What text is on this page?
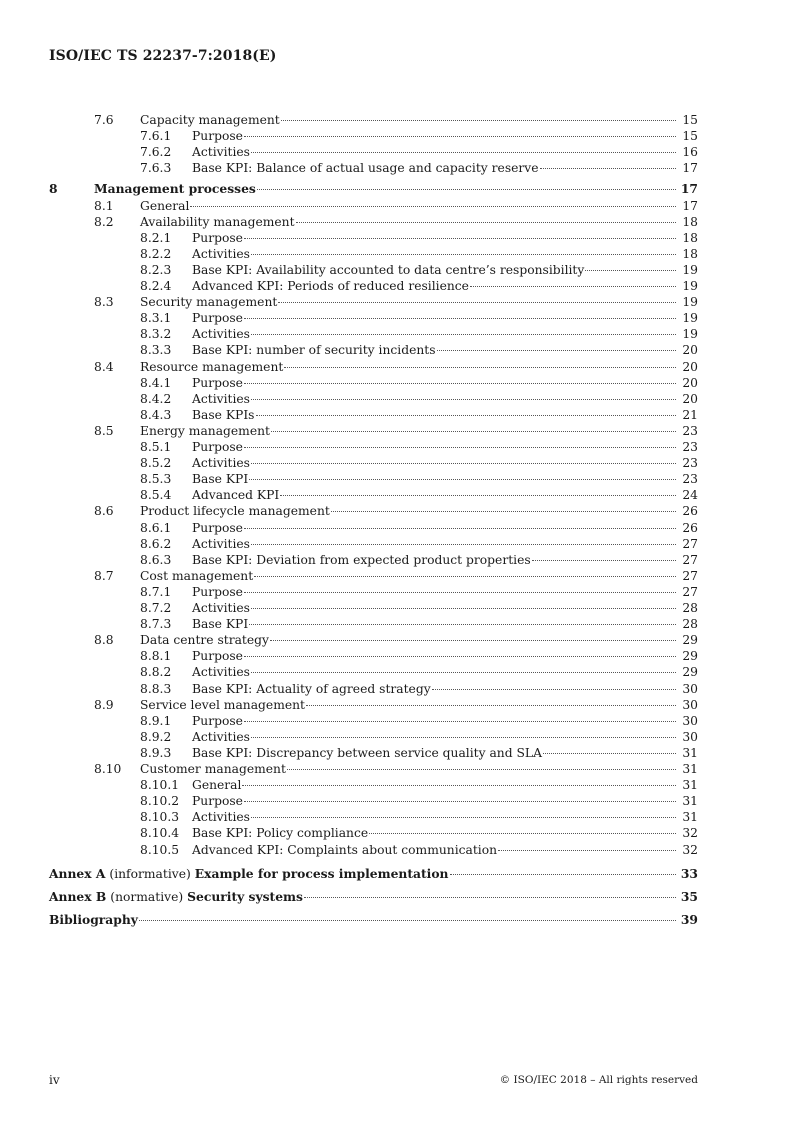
ISO/IEC TS 22237-7:2018(E)
7.6 Capacity management	15
7.6.1 Purpose	15
7.6.2 Activities	16
7.6.3 Base KPI: Balance of actual usage and capacity reserve	17
8	Management processes	17
8.1 General	17
8.2 Availability management	18
8.2.1 Purpose	18
8.2.2 Activities	18
8.2.3 Base KPI: Availability accounted to data centre’s responsibility	19
8.2.4 Advanced KPI: Periods of reduced resilience	19
8.3 Security management	19
8.3.1 Purpose	19
8.3.2 Activities	19
8.3.3 Base KPI: number of security incidents	20
8.4 Resource management	20
8.4.1 Purpose	20
8.4.2 Activities	20
8.4.3 Base KPIs	21
8.5 Energy management	23
8.5.1 Purpose	23
8.5.2 Activities	23
8.5.3 Base KPI	23
8.5.4 Advanced KPI	24
8.6 Product lifecycle management	26
8.6.1 Purpose	26
8.6.2 Activities	27
8.6.3 Base KPI: Deviation from expected product properties	27
8.7 Cost management	27
8.7.1 Purpose	27
8.7.2 Activities	28
8.7.3 Base KPI	28
8.8 Data centre strategy	29
8.8.1 Purpose	29
8.8.2 Activities	29
8.8.3 Base KPI: Actuality of agreed strategy	30
8.9 Service level management	30
8.9.1 Purpose	30
8.9.2 Activities	30
8.9.3 Base KPI: Discrepancy between service quality and SLA	31
8.10 Customer management	31
8.10.1 General	31
8.10.2 Purpose	31
8.10.3 Activities	31
8.10.4 Base KPI: Policy compliance	32
8.10.5 Advanced KPI: Complaints about communication	32
Annex A (informative) Example for process implementation	33
Annex B (normative) Security systems	35
Bibliography	39
iv	© ISO/IEC 2018 – All rights reserved
